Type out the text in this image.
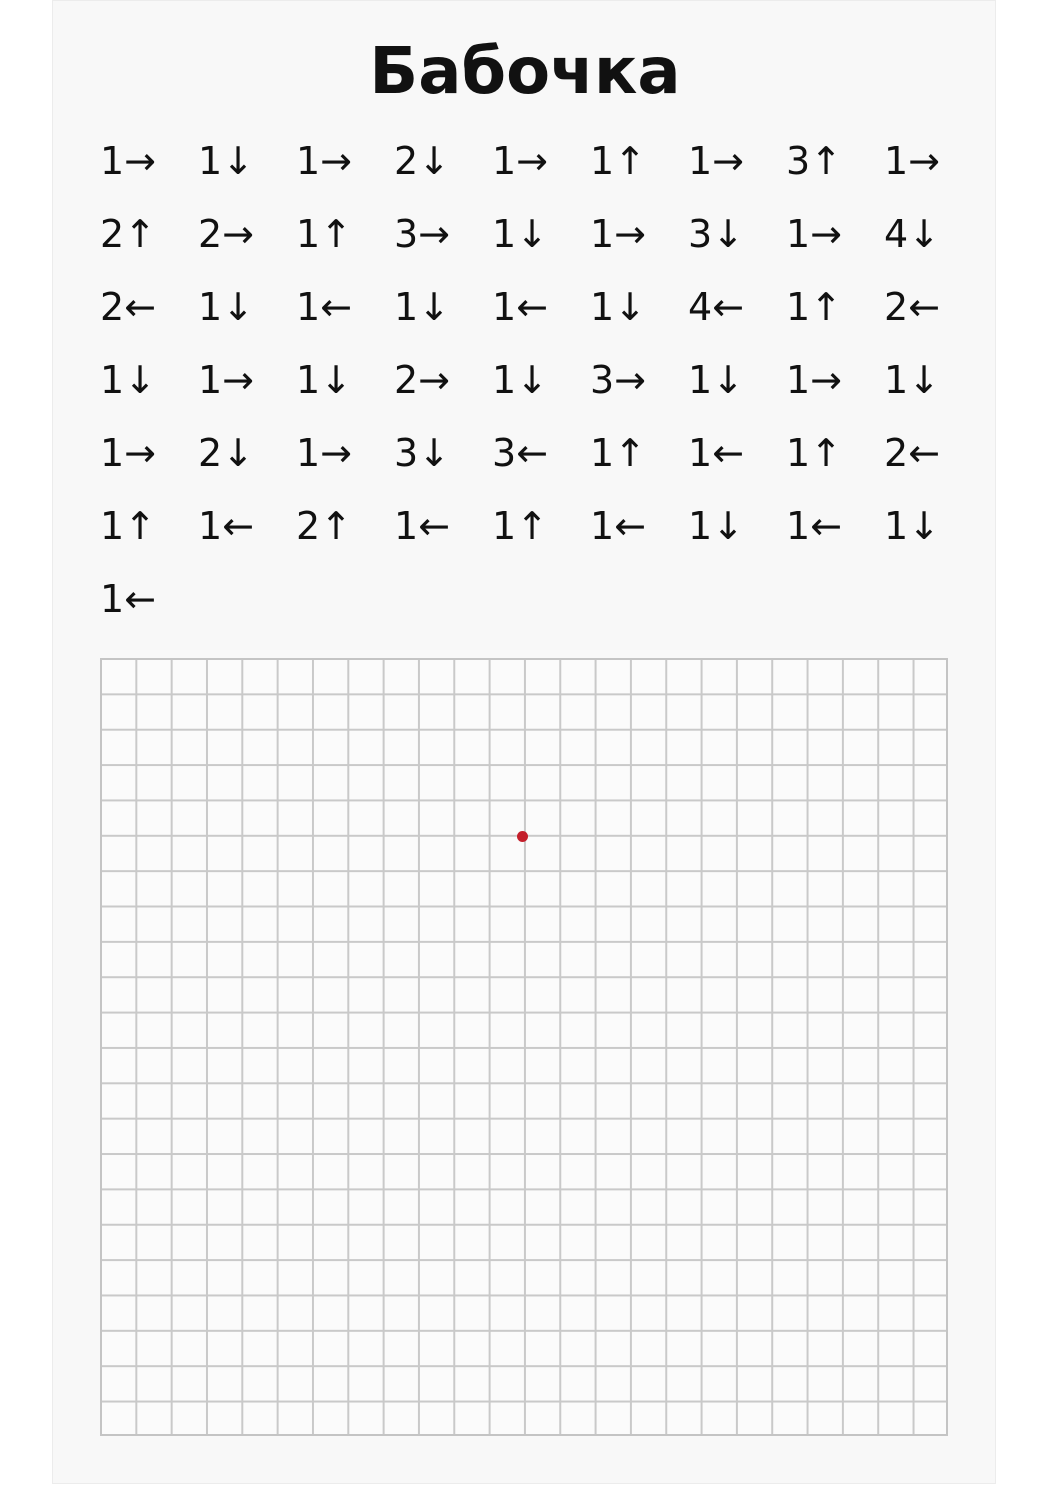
Бабочка
1→	1↓	1→	2↓	1→	1↑	1→	3↑	1→
2↑	2→	1↑	3→	1↓	1→	3↓	1→	4↓
2←	1↓	1←	1↓	1←	1↓	4←	1↑	2←
1↓	1→	1↓	2→	1↓	3→	1↓	1→	1↓
1→	2↓	1→	3↓	3←	1↑	1←	1↑	2←
1↑	1←	2↑	1←	1↑	1←	1↓	1←	1↓
1←
